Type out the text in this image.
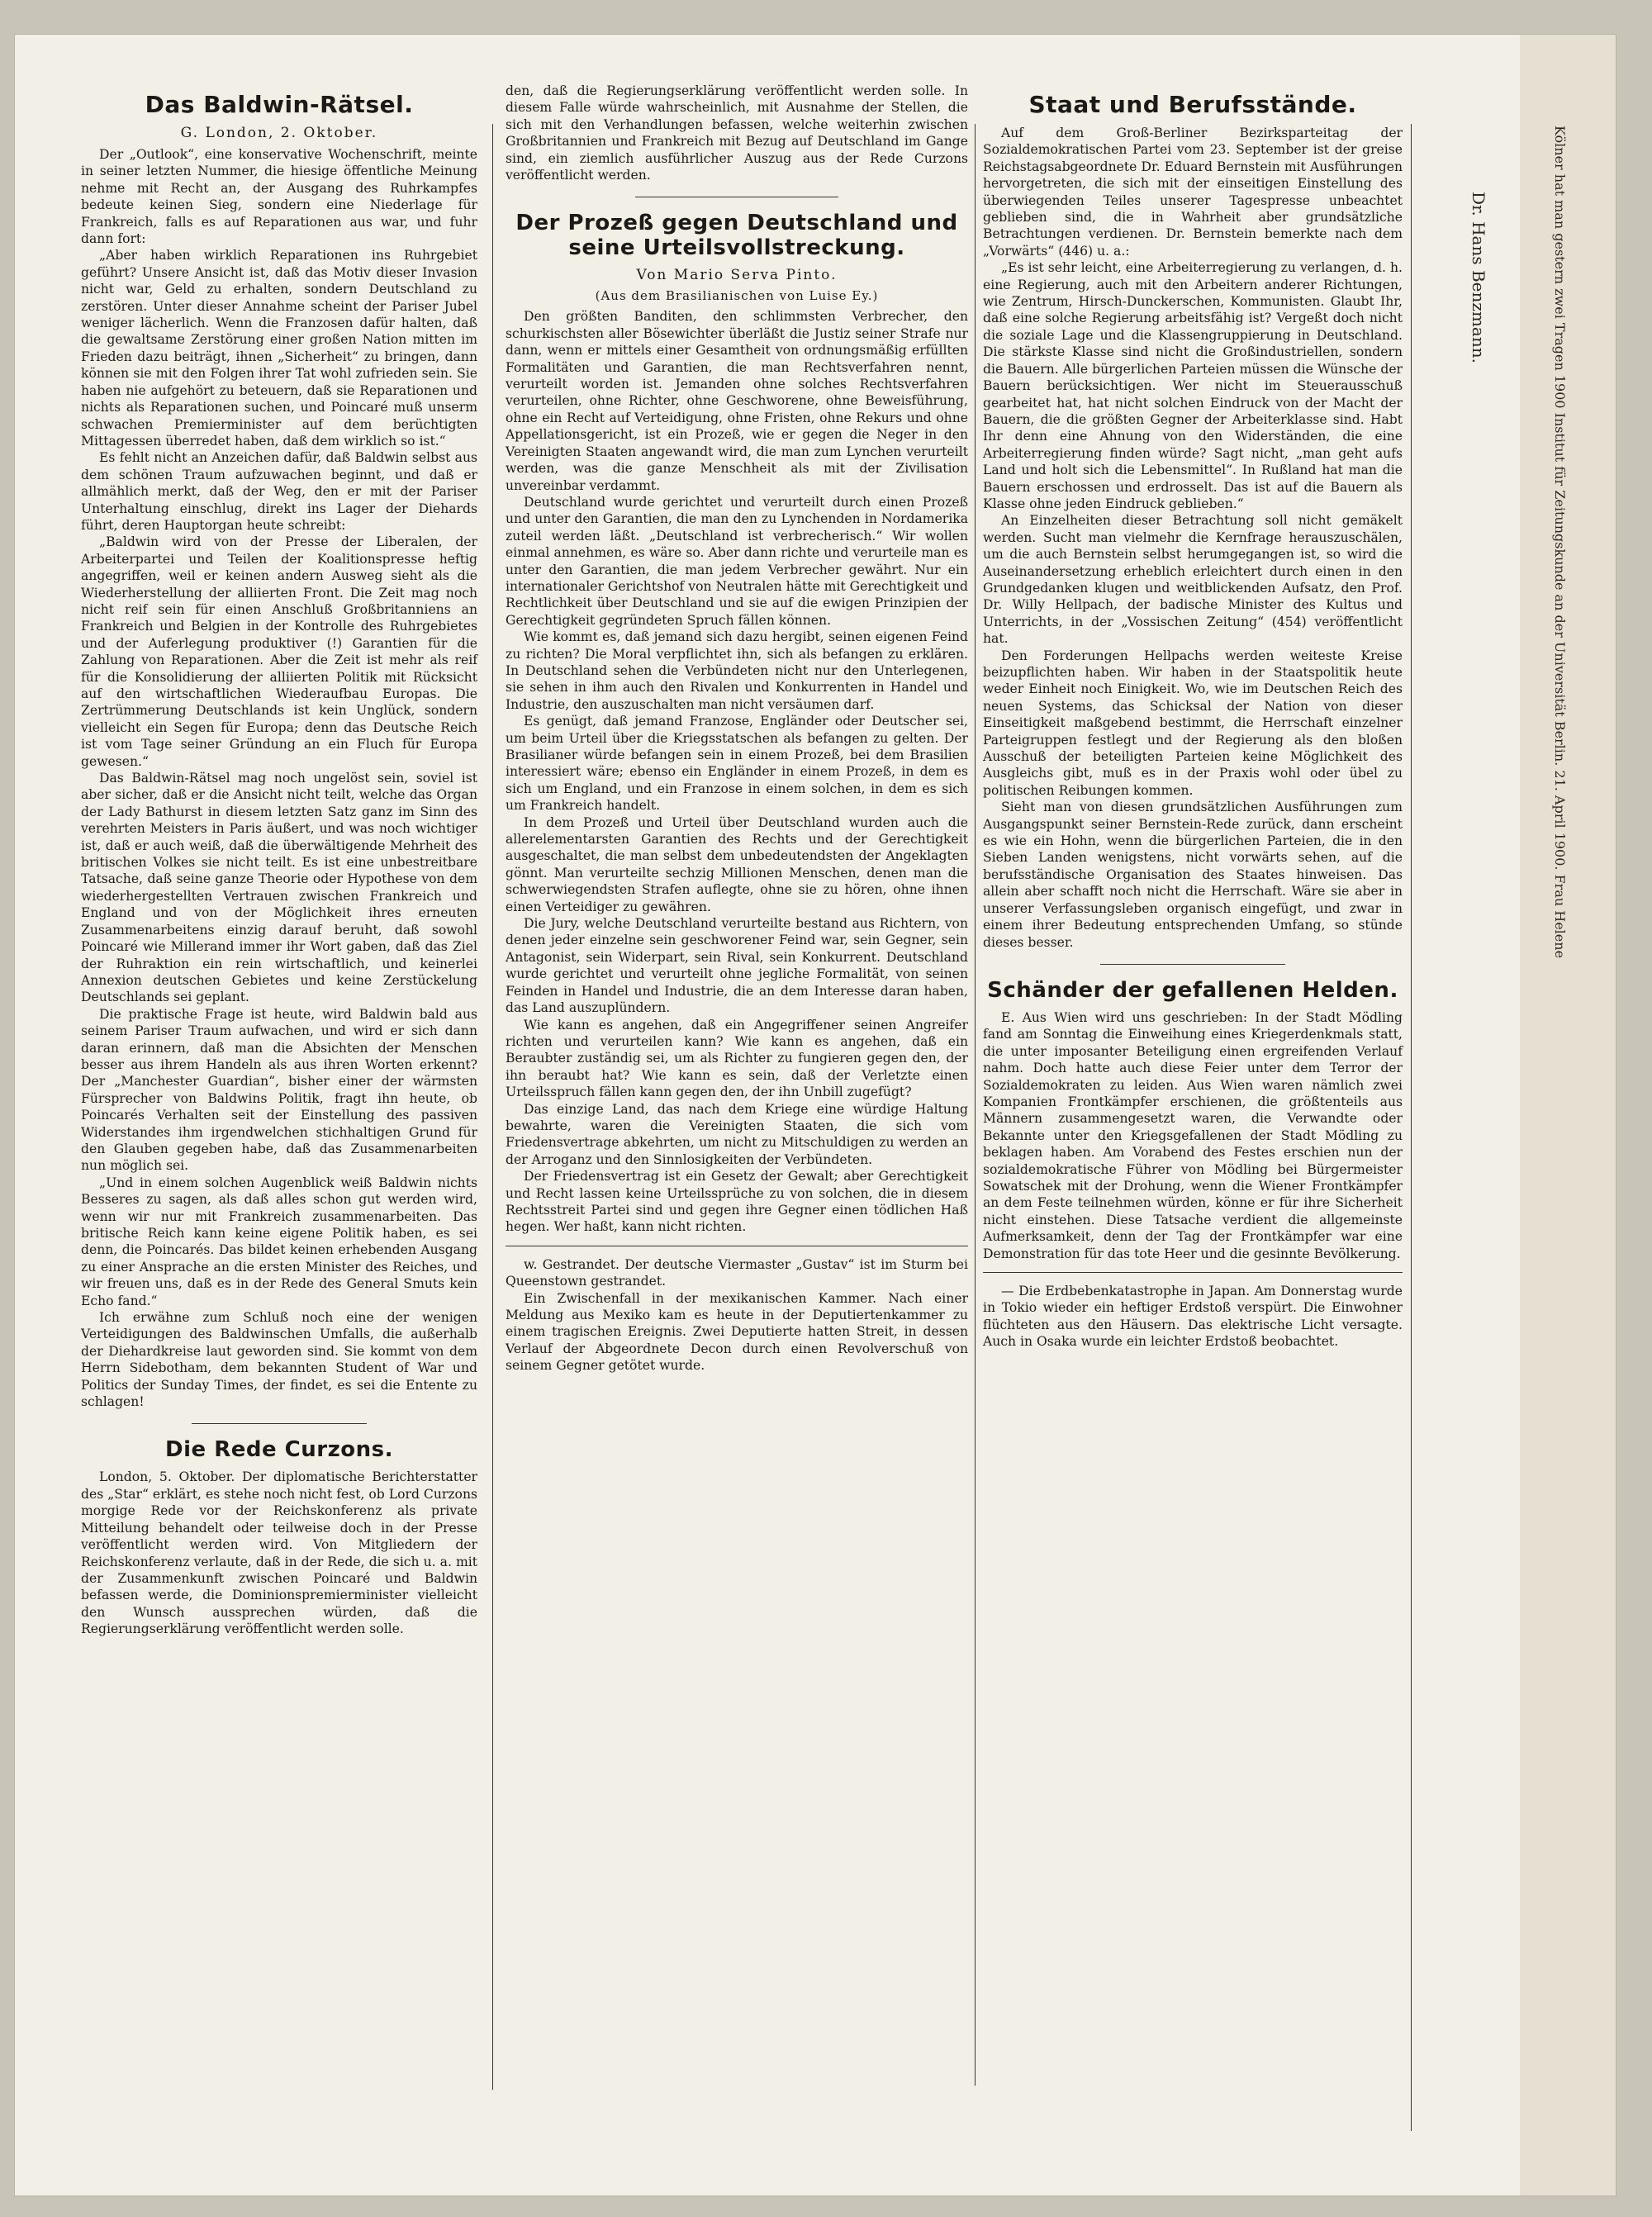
Das Baldwin-Rätsel.
G. London, 2. Oktober.

Der „Outlook“, eine konservative Wochenschrift, meinte in seiner letzten Nummer, die hiesige öffentliche Meinung nehme mit Recht an, der Ausgang des Ruhrkampfes bedeute keinen Sieg, sondern eine Niederlage für Frankreich, falls es auf Reparationen aus war, und fuhr dann fort:

„Aber haben wirklich Reparationen ins Ruhrgebiet geführt? Unsere Ansicht ist, daß das Motiv dieser Invasion nicht war, Geld zu erhalten, sondern Deutschland zu zerstören. Unter dieser Annahme scheint der Pariser Jubel weniger lächerlich. Wenn die Franzosen dafür halten, daß die gewaltsame Zerstörung einer großen Nation mitten im Frieden dazu beiträgt, ihnen „Sicherheit“ zu bringen, dann können sie mit den Folgen ihrer Tat wohl zufrieden sein. Sie haben nie aufgehört zu beteuern, daß sie Reparationen und nichts als Reparationen suchen, und Poincaré muß unserm schwachen Premierminister auf dem berüchtigten Mittagessen überredet haben, daß dem wirklich so ist.“

Es fehlt nicht an Anzeichen dafür, daß Baldwin selbst aus dem schönen Traum aufzuwachen beginnt, und daß er allmählich merkt, daß der Weg, den er mit der Pariser Unterhaltung einschlug, direkt ins Lager der Diehards führt, deren Hauptorgan heute schreibt:

„Baldwin wird von der Presse der Liberalen, der Arbeiterpartei und Teilen der Koalitionspresse heftig angegriffen, weil er keinen andern Ausweg sieht als die Wiederherstellung der alliierten Front. Die Zeit mag noch nicht reif sein für einen Anschluß Großbritanniens an Frankreich und Belgien in der Kontrolle des Ruhrgebietes und der Auferlegung produktiver (!) Garantien für die Zahlung von Reparationen. Aber die Zeit ist mehr als reif für die Konsolidierung der alliierten Politik mit Rücksicht auf den wirtschaftlichen Wiederaufbau Europas. Die Zertrümmerung Deutschlands ist kein Unglück, sondern vielleicht ein Segen für Europa; denn das Deutsche Reich ist vom Tage seiner Gründung an ein Fluch für Europa gewesen.“

Das Baldwin-Rätsel mag noch ungelöst sein, soviel ist aber sicher, daß er die Ansicht nicht teilt, welche das Organ der Lady Bathurst in diesem letzten Satz ganz im Sinn des verehrten Meisters in Paris äußert, und was noch wichtiger ist, daß er auch weiß, daß die überwältigende Mehrheit des britischen Volkes sie nicht teilt. Es ist eine unbestreitbare Tatsache, daß seine ganze Theorie oder Hypothese von dem wiederhergestellten Vertrauen zwischen Frankreich und England und von der Möglichkeit ihres erneuten Zusammenarbeitens einzig darauf beruht, daß sowohl Poincaré wie Millerand immer ihr Wort gaben, daß das Ziel der Ruhraktion ein rein wirtschaftlich, und keinerlei Annexion deutschen Gebietes und keine Zerstückelung Deutschlands sei geplant.

Die praktische Frage ist heute, wird Baldwin bald aus seinem Pariser Traum aufwachen, und wird er sich dann daran erinnern, daß man die Absichten der Menschen besser aus ihrem Handeln als aus ihren Worten erkennt? Der „Manchester Guardian“, bisher einer der wärmsten Fürsprecher von Baldwins Politik, fragt ihn heute, ob Poincarés Verhalten seit der Einstellung des passiven Widerstandes ihm irgendwelchen stichhaltigen Grund für den Glauben gegeben habe, daß das Zusammenarbeiten nun möglich sei.

„Und in einem solchen Augenblick weiß Baldwin nichts Besseres zu sagen, als daß alles schon gut werden wird, wenn wir nur mit Frankreich zusammenarbeiten. Das britische Reich kann keine eigene Politik haben, es sei denn, die Poincarés. Das bildet keinen erhebenden Ausgang zu einer Ansprache an die ersten Minister des Reiches, und wir freuen uns, daß es in der Rede des General Smuts kein Echo fand.“

Ich erwähne zum Schluß noch eine der wenigen Verteidigungen des Baldwinschen Umfalls, die außerhalb der Diehardkreise laut geworden sind. Sie kommt von dem Herrn Sidebotham, dem bekannten Student of War und Politics der Sunday Times, der findet, es sei die Entente zu schlagen!

Die Rede Curzons.

London, 5. Oktober. Der diplomatische Berichterstatter des „Star“ erklärt, es stehe noch nicht fest, ob Lord Curzons morgige Rede vor der Reichskonferenz als private Mitteilung behandelt oder teilweise doch in der Presse veröffentlicht werden wird. Von Mitgliedern der Reichskonferenz verlaute, daß in der Rede, die sich u. a. mit der Zusammenkunft zwischen Poincaré und Baldwin befassen werde, die Dominionspremierminister vielleicht den Wunsch aussprechen würden, daß die Regierungserklärung veröffentlicht werden solle.

den, daß die Regierungserklärung veröffentlicht werden solle. In diesem Falle würde wahrscheinlich, mit Ausnahme der Stellen, die sich mit den Verhandlungen befassen, welche weiterhin zwischen Großbritannien und Frankreich mit Bezug auf Deutschland im Gange sind, ein ziemlich ausführlicher Auszug aus der Rede Curzons veröffentlicht werden.

Der Prozeß gegen Deutschland und seine Urteilsvollstreckung.
Von Mario Serva Pinto.
(Aus dem Brasilianischen von Luise Ey.)

Den größten Banditen, den schlimmsten Verbrecher, den schurkischsten aller Bösewichter überläßt die Justiz seiner Strafe nur dann, wenn er mittels einer Gesamtheit von ordnungsmäßig erfüllten Formalitäten und Garantien, die man Rechtsverfahren nennt, verurteilt worden ist. Jemanden ohne solches Rechtsverfahren verurteilen, ohne Richter, ohne Geschworene, ohne Beweisführung, ohne ein Recht auf Verteidigung, ohne Fristen, ohne Rekurs und ohne Appellationsgericht, ist ein Prozeß, wie er gegen die Neger in den Vereinigten Staaten angewandt wird, die man zum Lynchen verurteilt werden, was die ganze Menschheit als mit der Zivilisation unvereinbar verdammt.

Deutschland wurde gerichtet und verurteilt durch einen Prozeß und unter den Garantien, die man den zu Lynchenden in Nordamerika zuteil werden läßt. „Deutschland ist verbrecherisch.“ Wir wollen einmal annehmen, es wäre so. Aber dann richte und verurteile man es unter den Garantien, die man jedem Verbrecher gewährt. Nur ein internationaler Gerichtshof von Neutralen hätte mit Gerechtigkeit und Rechtlichkeit über Deutschland und sie auf die ewigen Prinzipien der Gerechtigkeit gegründeten Spruch fällen können.

Wie kommt es, daß jemand sich dazu hergibt, seinen eigenen Feind zu richten? Die Moral verpflichtet ihn, sich als befangen zu erklären. In Deutschland sehen die Verbündeten nicht nur den Unterlegenen, sie sehen in ihm auch den Rivalen und Konkurrenten in Handel und Industrie, den auszuschalten man nicht versäumen darf.

Es genügt, daß jemand Franzose, Engländer oder Deutscher sei, um beim Urteil über die Kriegsstatschen als befangen zu gelten. Der Brasilianer würde befangen sein in einem Prozeß, bei dem Brasilien interessiert wäre; ebenso ein Engländer in einem Prozeß, in dem es sich um England, und ein Franzose in einem solchen, in dem es sich um Frankreich handelt.

In dem Prozeß und Urteil über Deutschland wurden auch die allerelementarsten Garantien des Rechts und der Gerechtigkeit ausgeschaltet, die man selbst dem unbedeutendsten der Angeklagten gönnt. Man verurteilte sechzig Millionen Menschen, denen man die schwerwiegendsten Strafen auflegte, ohne sie zu hören, ohne ihnen einen Verteidiger zu gewähren.

Die Jury, welche Deutschland verurteilte bestand aus Richtern, von denen jeder einzelne sein geschworener Feind war, sein Gegner, sein Antagonist, sein Widerpart, sein Rival, sein Konkurrent. Deutschland wurde gerichtet und verurteilt ohne jegliche Formalität, von seinen Feinden in Handel und Industrie, die an dem Interesse daran haben, das Land auszuplündern.

Wie kann es angehen, daß ein Angegriffener seinen Angreifer richten und verurteilen kann? Wie kann es angehen, daß ein Beraubter zuständig sei, um als Richter zu fungieren gegen den, der ihn beraubt hat? Wie kann es sein, daß der Verletzte einen Urteilsspruch fällen kann gegen den, der ihn Unbill zugefügt?

Das einzige Land, das nach dem Kriege eine würdige Haltung bewahrte, waren die Vereinigten Staaten, die sich vom Friedensvertrage abkehrten, um nicht zu Mitschuldigen zu werden an der Arroganz und den Sinnlosigkeiten der Verbündeten.

Der Friedensvertrag ist ein Gesetz der Gewalt; aber Gerechtigkeit und Recht lassen keine Urteilssprüche zu von solchen, die in diesem Rechtsstreit Partei sind und gegen ihre Gegner einen tödlichen Haß hegen. Wer haßt, kann nicht richten.

w. Gestrandet. Der deutsche Viermaster „Gustav“ ist im Sturm bei Queenstown gestrandet.

Ein Zwischenfall in der mexikanischen Kammer. Nach einer Meldung aus Mexiko kam es heute in der Deputiertenkammer zu einem tragischen Ereignis. Zwei Deputierte hatten Streit, in dessen Verlauf der Abgeordnete Decon durch einen Revolverschuß von seinem Gegner getötet wurde.

Staat und Berufsstände.

Auf dem Groß-Berliner Bezirksparteitag der Sozialdemokratischen Partei vom 23. September ist der greise Reichstagsabgeordnete Dr. Eduard Bernstein mit Ausführungen hervorgetreten, die sich mit der einseitigen Einstellung des überwiegenden Teiles unserer Tagespresse unbeachtet geblieben sind, die in Wahrheit aber grundsätzliche Betrachtungen verdienen. Dr. Bernstein bemerkte nach dem „Vorwärts“ (446) u. a.:

„Es ist sehr leicht, eine Arbeiterregierung zu verlangen, d. h. eine Regierung, auch mit den Arbeitern anderer Richtungen, wie Zentrum, Hirsch-Dunckerschen, Kommunisten. Glaubt Ihr, daß eine solche Regierung arbeitsfähig ist? Vergeßt doch nicht die soziale Lage und die Klassengruppierung in Deutschland. Die stärkste Klasse sind nicht die Großindustriellen, sondern die Bauern. Alle bürgerlichen Parteien müssen die Wünsche der Bauern berücksichtigen. Wer nicht im Steuerausschuß gearbeitet hat, hat nicht solchen Eindruck von der Macht der Bauern, die die größten Gegner der Arbeiterklasse sind. Habt Ihr denn eine Ahnung von den Widerständen, die eine Arbeiterregierung finden würde? Sagt nicht, „man geht aufs Land und holt sich die Lebensmittel“. In Rußland hat man die Bauern erschossen und erdrosselt. Das ist auf die Bauern als Klasse ohne jeden Eindruck geblieben.“

An Einzelheiten dieser Betrachtung soll nicht gemäkelt werden. Sucht man vielmehr die Kernfrage herauszuschälen, um die auch Bernstein selbst herumgegangen ist, so wird die Auseinandersetzung erheblich erleichtert durch einen in den Grundgedanken klugen und weitblickenden Aufsatz, den Prof. Dr. Willy Hellpach, der badische Minister des Kultus und Unterrichts, in der „Vossischen Zeitung“ (454) veröffentlicht hat.

Den Forderungen Hellpachs werden weiteste Kreise beizupflichten haben. Wir haben in der Staatspolitik heute weder Einheit noch Einigkeit. Wo, wie im Deutschen Reich des neuen Systems, das Schicksal der Nation von dieser Einseitigkeit maßgebend bestimmt, die Herrschaft einzelner Parteigruppen festlegt und der Regierung als den bloßen Ausschuß der beteiligten Parteien keine Möglichkeit des Ausgleichs gibt, muß es in der Praxis wohl oder übel zu politischen Reibungen kommen.

Sieht man von diesen grundsätzlichen Ausführungen zum Ausgangspunkt seiner Bernstein-Rede zurück, dann erscheint es wie ein Hohn, wenn die bürgerlichen Parteien, die in den Sieben Landen wenigstens, nicht vorwärts sehen, auf die berufsständische Organisation des Staates hinweisen. Das allein aber schafft noch nicht die Herrschaft. Wäre sie aber in unserer Verfassungsleben organisch eingefügt, und zwar in einem ihrer Bedeutung entsprechenden Umfang, so stünde dieses besser.

Schänder der gefallenen Helden.

E. Aus Wien wird uns geschrieben: In der Stadt Mödling fand am Sonntag die Einweihung eines Kriegerdenkmals statt, die unter imposanter Beteiligung einen ergreifenden Verlauf nahm. Doch hatte auch diese Feier unter dem Terror der Sozialdemokraten zu leiden. Aus Wien waren nämlich zwei Kompanien Frontkämpfer erschienen, die größtenteils aus Männern zusammengesetzt waren, die Verwandte oder Bekannte unter den Kriegsgefallenen der Stadt Mödling zu beklagen haben. Am Vorabend des Festes erschien nun der sozialdemokratische Führer von Mödling bei Bürgermeister Sowatschek mit der Drohung, wenn die Wiener Frontkämpfer an dem Feste teilnehmen würden, könne er für ihre Sicherheit nicht einstehen. Diese Tatsache verdient die allgemeinste Aufmerksamkeit, denn der Tag der Frontkämpfer war eine Demonstration für das tote Heer und die gesinnte Bevölkerung.

— Die Erdbebenkatastrophe in Japan. Am Donnerstag wurde in Tokio wieder ein heftiger Erdstoß verspürt. Die Einwohner flüchteten aus den Häusern. Das elektrische Licht versagte. Auch in Osaka wurde ein leichter Erdstoß beobachtet.

Dr. Hans Benzmann.	Kölner hat man gestern zwei Tragen 1900 Institut für Zeitungskunde an der Universität Berlin. 21. April 1900. Frau Helene
